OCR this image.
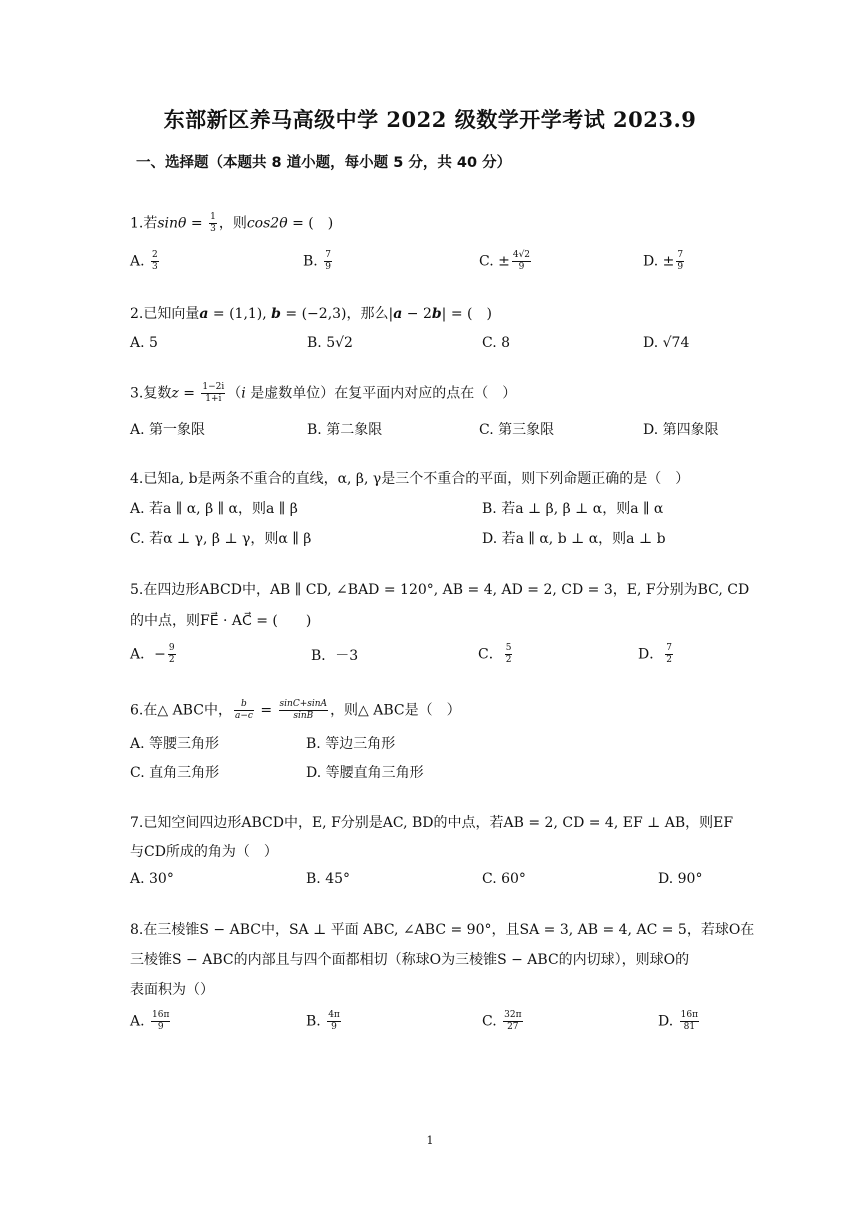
东部新区养马高级中学 2022 级数学开学考试 2023.9
一、选择题（本题共 8 道小题，每小题 5 分，共 40 分）
1.若$\sin\theta = \frac{1}{3}$ ，则cos2θ = (　)
A. $\frac{2}{3}$	B. $\frac{7}{9}$	C. ± $\frac{4√2}{9}$	D. ± $\frac{7}{9}$
2.已知向量a = (1,1), b = (−2,3)，那么|a − 2b| = (　)
A. 5	B. 5√2	C. 8	D. √74
3.复数$z = \frac{1-2i}{1+i} (i$ 是虚数单位）在复平面内对应的点在（　）
A. 第一象限	B. 第二象限	C. 第三象限	D. 第四象限
4.已知a, b是两条不重合的直线，α, β, γ是三个不重合的平面，则下列命题正确的是（　）
A. 若a ∥ α, β ∥ α，则a ∥ β	B. 若a ⊥ β, β ⊥ α，则a ∥ α
C. 若α ⊥ γ, β ⊥ γ，则α ∥ β	D. 若a ∥ α, b ⊥ α，则a ⊥ b
5.在四边形ABCD中，AB ∥ CD, ∠BAD = 120°, AB = 4, AD = 2, CD = 3，E, F分别为BC, CD
的中点，则FE⃗ · AC⃗ = (　　)
A．− $\frac{9}{2}$	B．－3	C． $\frac{5}{2}$	D． $\frac{7}{2}$
6.在△ ABC中， $\frac{b}{a-c} = \frac{\sin C+\sin A}{\sin B}$ ，则△ ABC是（　）
A. 等腰三角形	B. 等边三角形
C. 直角三角形	D. 等腰直角三角形
7.已知空间四边形ABCD中，E, F分别是AC, BD的中点，若AB = 2, CD = 4, EF ⊥ AB，则EF
与CD所成的角为（　）
A. 30°	B. 45°	C. 60°	D. 90°
8.在三棱锥S − ABC中，SA ⊥ 平面 ABC, ∠ABC = 90°，且SA = 3, AB = 4, AC = 5，若球O在
三棱锥S − ABC的内部且与四个面都相切（称球O为三棱锥S − ABC的内切球），则球O的
表面积为（）
A. $\frac{16\pi}{9}$	B. $\frac{4\pi}{9}$	C. $\frac{32\pi}{27}$	D. $\frac{16\pi}{81}$
1
